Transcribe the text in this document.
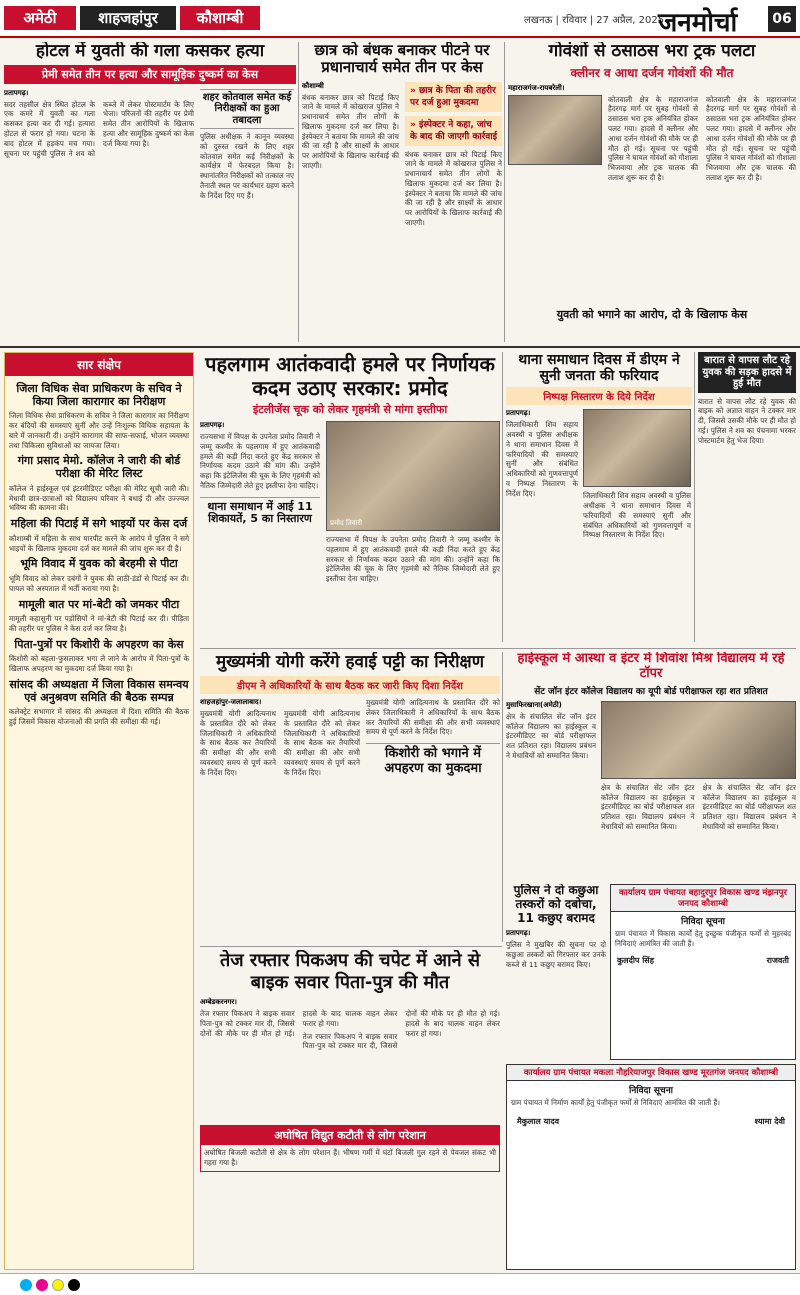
अमेठी	शाहजहांपुर	कौशाम्बी	लखनऊ | रविवार | 27 अप्रैल, 2025
जनमोर्चा	06
होटल में युवती की गला कसकर हत्या
प्रेमी समेत तीन पर हत्या और सामूहिक दुष्कर्म का केस
प्रतापगढ़।

सदर तहसील क्षेत्र स्थित होटल के एक कमरे में युवती का गला कसकर हत्या कर दी गई। हत्यारा होटल से फरार हो गया। घटना के बाद होटल में हड़कंप मच गया। सूचना पर पहुंची पुलिस ने शव को कब्जे में लेकर पोस्टमार्टम के लिए भेजा। परिजनों की तहरीर पर प्रेमी समेत तीन आरोपियों के खिलाफ हत्या और सामूहिक दुष्कर्म का केस दर्ज किया गया है।

शहर कोतवाल समेत कई निरीक्षकों का हुआ तबादला
पुलिस अधीक्षक ने कानून व्यवस्था को दुरुस्त रखने के लिए शहर कोतवाल समेत कई निरीक्षकों के कार्यक्षेत्र में फेरबदल किया है। स्थानांतरित निरीक्षकों को तत्काल नए तैनाती स्थल पर कार्यभार ग्रहण करने के निर्देश दिए गए हैं।
छात्र को बंधक बनाकर पीटने पर प्रधानाचार्य समेत तीन पर केस
कौशाम्बी
बंधक बनाकर छात्र को पिटाई किए जाने के मामले में कोखराज पुलिस ने प्रधानाचार्य समेत तीन लोगों के खिलाफ मुकदमा दर्ज कर लिया है। इंस्पेक्टर ने बताया कि मामले की जांच की जा रही है और साक्ष्यों के आधार पर आरोपियों के खिलाफ कार्रवाई की जाएगी।
» छात्र के पिता की तहरीर पर दर्ज हुआ मुकदमा
» इंस्पेक्टर ने कहा, जांच के बाद की जाएगी कार्रवाई
बंधक बनाकर छात्र को पिटाई किए जाने के मामले में कोखराज पुलिस ने प्रधानाचार्य समेत तीन लोगों के खिलाफ मुकदमा दर्ज कर लिया है। इंस्पेक्टर ने बताया कि मामले की जांच की जा रही है और साक्ष्यों के आधार पर आरोपियों के खिलाफ कार्रवाई की जाएगी।
गोवंशों से ठसाठस भरा ट्रक पलटा
क्लीनर व आधा दर्जन गोवंशों की मौत
महाराजगंज-रायबरेली।

कोतवाली क्षेत्र के महाराजगंज हैदरगढ़ मार्ग पर सुबह गोवंशों से ठसाठस भरा ट्रक अनियंत्रित होकर पलट गया। हादसे में क्लीनर और आधा दर्जन गोवंशों की मौके पर ही मौत हो गई। सूचना पर पहुंची पुलिस ने घायल गोवंशों को गौशाला भिजवाया और ट्रक चालक की तलाश शुरू कर दी है।

कोतवाली क्षेत्र के महाराजगंज हैदरगढ़ मार्ग पर सुबह गोवंशों से ठसाठस भरा ट्रक अनियंत्रित होकर पलट गया। हादसे में क्लीनर और आधा दर्जन गोवंशों की मौके पर ही मौत हो गई। सूचना पर पहुंची पुलिस ने घायल गोवंशों को गौशाला भिजवाया और ट्रक चालक की तलाश शुरू कर दी है।

युवती को भगाने का आरोप, दो के खिलाफ केस
सार संक्षेप
जिला विधिक सेवा प्राधिकरण के सचिव ने किया जिला कारागार का निरीक्षण
जिला विधिक सेवा प्राधिकरण के सचिव ने जिला कारागार का निरीक्षण कर बंदियों की समस्याएं सुनीं और उन्हें निःशुल्क विधिक सहायता के बारे में जानकारी दी। उन्होंने कारागार की साफ-सफाई, भोजन व्यवस्था तथा चिकित्सा सुविधाओं का जायजा लिया।
गंगा प्रसाद मेमो. कॉलेज ने जारी की बोर्ड परीक्षा की मेरिट लिस्ट
कॉलेज ने हाईस्कूल एवं इंटरमीडिएट परीक्षा की मेरिट सूची जारी की। मेधावी छात्र-छात्राओं को विद्यालय परिवार ने बधाई दी और उज्ज्वल भविष्य की कामना की।
महिला की पिटाई में सगे भाइयों पर केस दर्ज
कौशाम्बी में महिला के साथ मारपीट करने के आरोप में पुलिस ने सगे भाइयों के खिलाफ मुकदमा दर्ज कर मामले की जांच शुरू कर दी है।
भूमि विवाद में युवक को बेरहमी से पीटा
भूमि विवाद को लेकर दबंगों ने युवक की लाठी-डंडों से पिटाई कर दी। घायल को अस्पताल में भर्ती कराया गया है।
मामूली बात पर मां-बेटी को जमकर पीटा
मामूली कहासुनी पर पड़ोसियों ने मां-बेटी की पिटाई कर दी। पीड़िता की तहरीर पर पुलिस ने केस दर्ज कर लिया है।
पिता-पुत्रों पर किशोरी के अपहरण का केस
किशोरी को बहला-फुसलाकर भगा ले जाने के आरोप में पिता-पुत्रों के खिलाफ अपहरण का मुकदमा दर्ज किया गया है।
सांसद की अध्यक्षता में जिला विकास समन्वय एवं अनुश्रवण समिति की बैठक सम्पन्न
कलेक्ट्रेट सभागार में सांसद की अध्यक्षता में दिशा समिति की बैठक हुई जिसमें विकास योजनाओं की प्रगति की समीक्षा की गई।
पहलगाम आतंकवादी हमले पर निर्णायक कदम उठाए सरकार: प्रमोद
इंटलीजेंस चूक को लेकर गृहमंत्री से मांगा इस्तीफा
प्रतापगढ़।
राज्यसभा में विपक्ष के उपनेता प्रमोद तिवारी ने जम्मू कश्मीर के पहलगाम में हुए आतंकवादी हमले की कड़ी निंदा करते हुए केंद्र सरकार से निर्णायक कदम उठाने की मांग की। उन्होंने कहा कि इंटेलिजेंस की चूक के लिए गृहमंत्री को नैतिक जिम्मेदारी लेते हुए इस्तीफा देना चाहिए।
थाना समाधान में आई 11 शिकायतें, 5 का निस्तारण	प्रमोद तिवारी
राज्यसभा में विपक्ष के उपनेता प्रमोद तिवारी ने जम्मू कश्मीर के पहलगाम में हुए आतंकवादी हमले की कड़ी निंदा करते हुए केंद्र सरकार से निर्णायक कदम उठाने की मांग की। उन्होंने कहा कि इंटेलिजेंस की चूक के लिए गृहमंत्री को नैतिक जिम्मेदारी लेते हुए इस्तीफा देना चाहिए।
थाना समाधान दिवस में डीएम ने सुनी जनता की फरियाद
निष्पक्ष निस्तारण के दिये निर्देश
प्रतापगढ़।
जिलाधिकारी शिव सहाय अवस्थी व पुलिस अधीक्षक ने थाना समाधान दिवस में फरियादियों की समस्याएं सुनीं और संबंधित अधिकारियों को गुणवत्तापूर्ण व निष्पक्ष निस्तारण के निर्देश दिए।	जिलाधिकारी शिव सहाय अवस्थी व पुलिस अधीक्षक ने थाना समाधान दिवस में फरियादियों की समस्याएं सुनीं और संबंधित अधिकारियों को गुणवत्तापूर्ण व निष्पक्ष निस्तारण के निर्देश दिए।
बारात से वापस लौट रहे युवक की सड़क हादसे में हुई मौत
बारात से वापस लौट रहे युवक की बाइक को अज्ञात वाहन ने टक्कर मार दी, जिससे उसकी मौके पर ही मौत हो गई। पुलिस ने शव का पंचनामा भरकर पोस्टमार्टम हेतु भेज दिया।
मुख्यमंत्री योगी करेंगे हवाई पट्टी का निरीक्षण
डीएम ने अधिकारियों के साथ बैठक कर जारी किए दिशा निर्देश
शाहजहांपुर-जलालाबाद।

मुख्यमंत्री योगी आदित्यनाथ के प्रस्तावित दौरे को लेकर जिलाधिकारी ने अधिकारियों के साथ बैठक कर तैयारियों की समीक्षा की और सभी व्यवस्थाएं समय से पूर्ण करने के निर्देश दिए।

मुख्यमंत्री योगी आदित्यनाथ के प्रस्तावित दौरे को लेकर जिलाधिकारी ने अधिकारियों के साथ बैठक कर तैयारियों की समीक्षा की और सभी व्यवस्थाएं समय से पूर्ण करने के निर्देश दिए।

मुख्यमंत्री योगी आदित्यनाथ के प्रस्तावित दौरे को लेकर जिलाधिकारी ने अधिकारियों के साथ बैठक कर तैयारियों की समीक्षा की और सभी व्यवस्थाएं समय से पूर्ण करने के निर्देश दिए।
किशोरी को भगाने में अपहरण का मुकदमा
हाईस्कूल में आस्था व इंटर में शिवांश मिश्र विद्यालय में रहे टॉपर
सेंट जॉन इंटर कॉलेज विद्यालय का यूपी बोर्ड परीक्षाफल रहा शत प्रतिशत
मुसाफिरखाना(अमेठी)
क्षेत्र के संचालित सेंट जॉन इंटर कॉलेज विद्यालय का हाईस्कूल व इंटरमीडिएट का बोर्ड परीक्षाफल शत प्रतिशत रहा। विद्यालय प्रबंधन ने मेधावियों को सम्मानित किया।

क्षेत्र के संचालित सेंट जॉन इंटर कॉलेज विद्यालय का हाईस्कूल व इंटरमीडिएट का बोर्ड परीक्षाफल शत प्रतिशत रहा। विद्यालय प्रबंधन ने मेधावियों को सम्मानित किया।

क्षेत्र के संचालित सेंट जॉन इंटर कॉलेज विद्यालय का हाईस्कूल व इंटरमीडिएट का बोर्ड परीक्षाफल शत प्रतिशत रहा। विद्यालय प्रबंधन ने मेधावियों को सम्मानित किया।

पुलिस ने दो कछुआ तस्करों को दबोचा, 11 कछुए बरामद
प्रतापगढ़।
पुलिस ने मुखबिर की सूचना पर दो कछुआ तस्करों को गिरफ्तार कर उनके कब्जे से 11 कछुए बरामद किए।
कार्यालय ग्राम पंचायत बहादुरपुर विकास खण्ड मंझनपुर जनपद कौशाम्बी
निविदा सूचना
ग्राम पंचायत में विकास कार्यों हेतु इच्छुक पंजीकृत फर्मों से मुहरबंद निविदाएं आमंत्रित की जाती हैं।
कुलदीप सिंह	राजवती
कार्यालय ग्राम पंचायत मकला नौहरियाजपुर विकास खण्ड मूरतगंज जनपद कौशाम्बी
निविदा सूचना
ग्राम पंचायत में निर्माण कार्यों हेतु पंजीकृत फर्मों से निविदाएं आमंत्रित की जाती हैं।
मैकुलाल यादव	श्यामा देवी
तेज रफ्तार पिकअप की चपेट में आने से बाइक सवार पिता-पुत्र की मौत
अम्बेडकरनगर।

तेज रफ्तार पिकअप ने बाइक सवार पिता-पुत्र को टक्कर मार दी, जिससे दोनों की मौके पर ही मौत हो गई। हादसे के बाद चालक वाहन लेकर फरार हो गया।

तेज रफ्तार पिकअप ने बाइक सवार पिता-पुत्र को टक्कर मार दी, जिससे दोनों की मौके पर ही मौत हो गई। हादसे के बाद चालक वाहन लेकर फरार हो गया।

अघोषित विद्युत कटौती से लोग परेशान
अघोषित बिजली कटौती से क्षेत्र के लोग परेशान हैं। भीषण गर्मी में घंटों बिजली गुल रहने से पेयजल संकट भी गहरा गया है।
